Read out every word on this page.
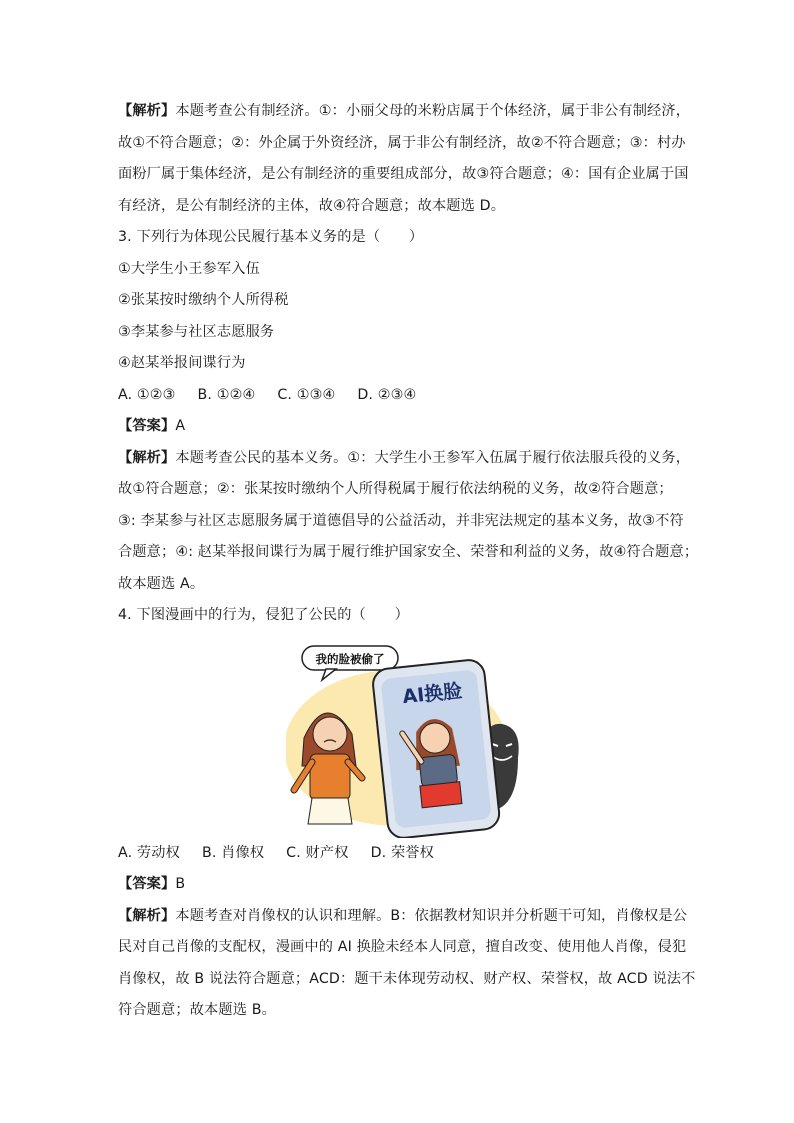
【解析】本题考查公有制经济。①：小丽父母的米粉店属于个体经济，属于非公有制经济，
故①不符合题意；②：外企属于外资经济，属于非公有制经济，故②不符合题意；③：村办
面粉厂属于集体经济，是公有制经济的重要组成部分，故③符合题意；④：国有企业属于国
有经济，是公有制经济的主体，故④符合题意；故本题选 D。
3. 下列行为体现公民履行基本义务的是（　　）
①大学生小王参军入伍
②张某按时缴纳个人所得税
③李某参与社区志愿服务
④赵某举报间谍行为
A. ①②③ B. ①②④ C. ①③④ D. ②③④
【答案】A
【解析】本题考查公民的基本义务。①：大学生小王参军入伍属于履行依法服兵役的义务，
故①符合题意；②：张某按时缴纳个人所得税属于履行依法纳税的义务，故②符合题意；
③: 李某参与社区志愿服务属于道德倡导的公益活动，并非宪法规定的基本义务，故③不符
合题意；④: 赵某举报间谍行为属于履行维护国家安全、荣誉和利益的义务，故④符合题意；
故本题选 A。
4. 下图漫画中的行为，侵犯了公民的（　　）
我的脸被偷了
AI换脸
A. 劳动权 B. 肖像权 C. 财产权 D. 荣誉权
【答案】B
【解析】本题考查对肖像权的认识和理解。B：依据教材知识并分析题干可知，肖像权是公
民对自己肖像的支配权，漫画中的 AI 换脸未经本人同意，擅自改变、使用他人肖像，侵犯
肖像权，故 B 说法符合题意；ACD：题干未体现劳动权、财产权、荣誉权，故 ACD 说法不
符合题意；故本题选 B。
